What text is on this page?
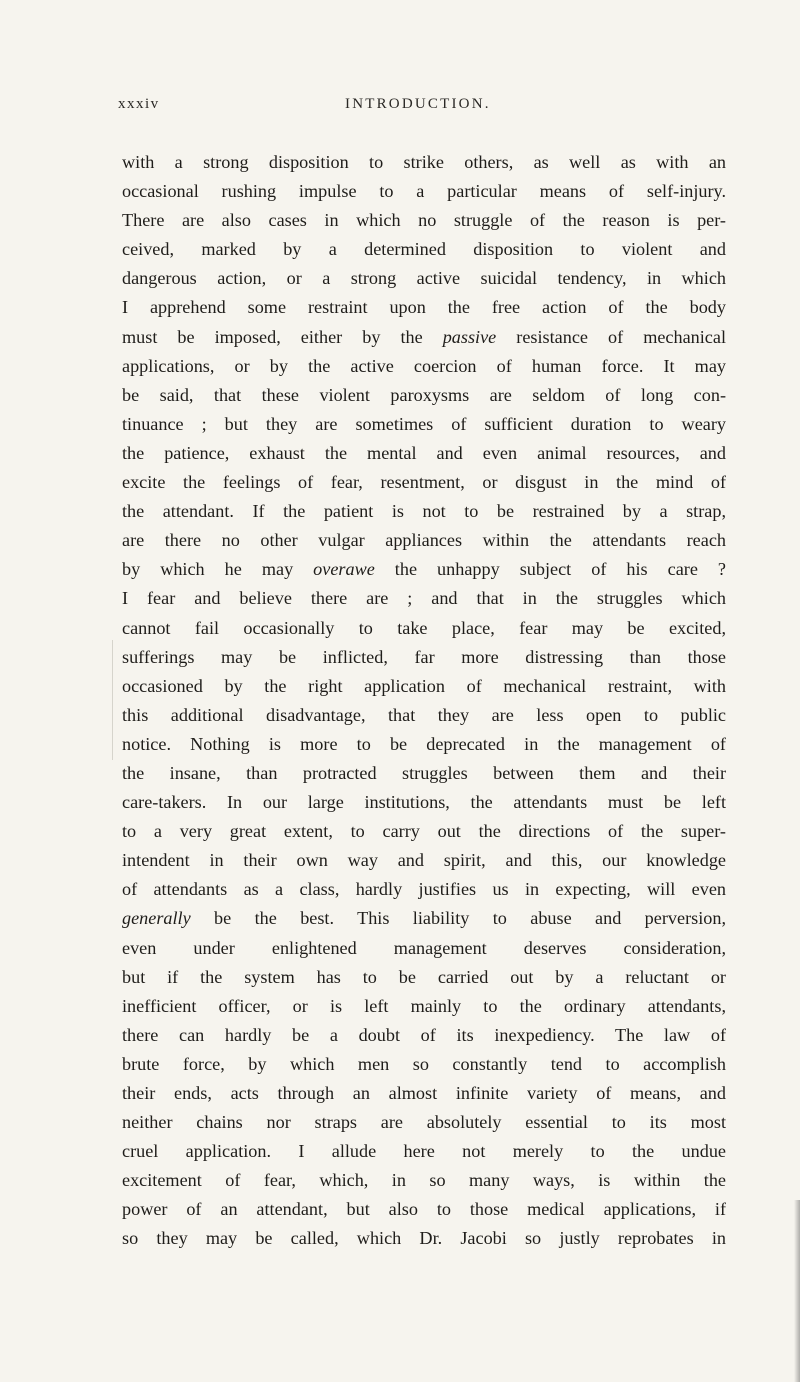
xxxiv	INTRODUCTION.
with a strong disposition to strike others, as well as with an
occasional rushing impulse to a particular means of self-injury.
There are also cases in which no struggle of the reason is per-
ceived, marked by a determined disposition to violent and
dangerous action, or a strong active suicidal tendency, in which
I apprehend some restraint upon the free action of the body
must be imposed, either by the passive resistance of mechanical
applications, or by the active coercion of human force. It may
be said, that these violent paroxysms are seldom of long con-
tinuance ; but they are sometimes of sufficient duration to weary
the patience, exhaust the mental and even animal resources, and
excite the feelings of fear, resentment, or disgust in the mind of
the attendant. If the patient is not to be restrained by a strap,
are there no other vulgar appliances within the attendants reach
by which he may overawe the unhappy subject of his care ?
I fear and believe there are ; and that in the struggles which
cannot fail occasionally to take place, fear may be excited,
sufferings may be inflicted, far more distressing than those
occasioned by the right application of mechanical restraint, with
this additional disadvantage, that they are less open to public
notice. Nothing is more to be deprecated in the management of
the insane, than protracted struggles between them and their
care-takers. In our large institutions, the attendants must be left
to a very great extent, to carry out the directions of the super-
intendent in their own way and spirit, and this, our knowledge
of attendants as a class, hardly justifies us in expecting, will even
generally be the best. This liability to abuse and perversion,
even under enlightened management deserves consideration,
but if the system has to be carried out by a reluctant or
inefficient officer, or is left mainly to the ordinary attendants,
there can hardly be a doubt of its inexpediency. The law of
brute force, by which men so constantly tend to accomplish
their ends, acts through an almost infinite variety of means, and
neither chains nor straps are absolutely essential to its most
cruel application. I allude here not merely to the undue
excitement of fear, which, in so many ways, is within the
power of an attendant, but also to those medical applications, if
so they may be called, which Dr. Jacobi so justly reprobates in
